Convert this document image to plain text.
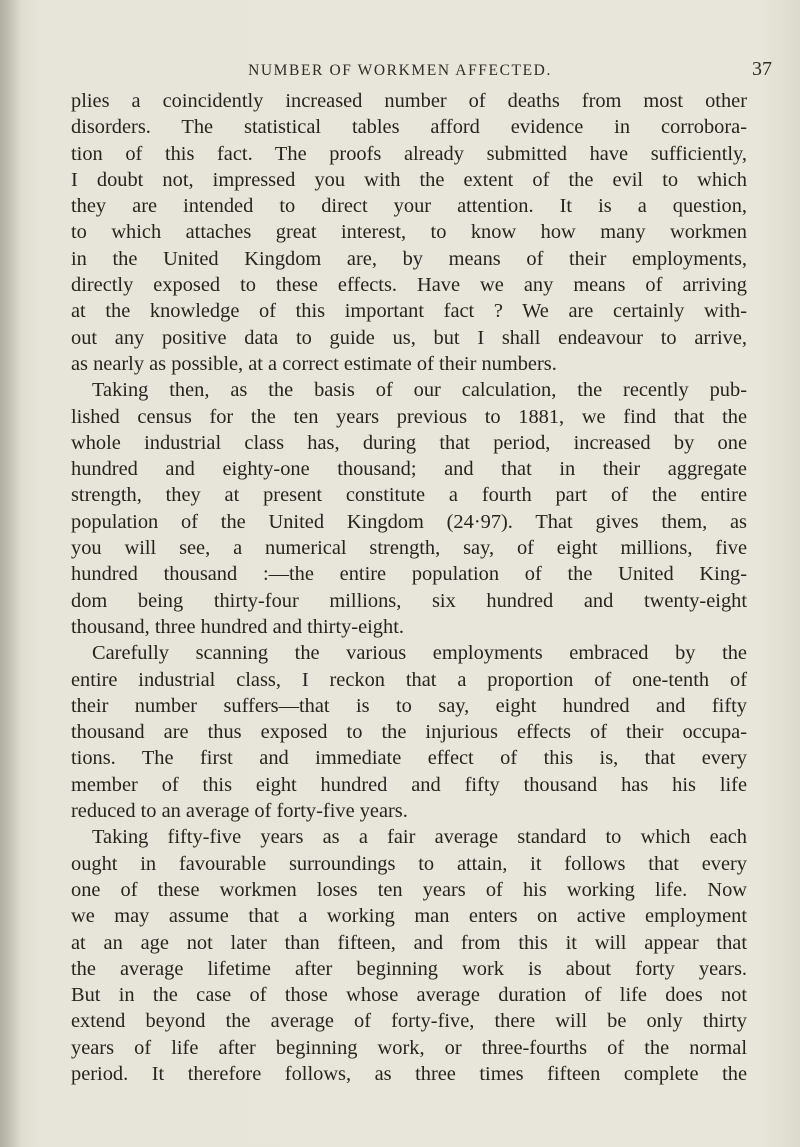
NUMBER OF WORKMEN AFFECTED.	37
plies a coincidently increased number of deaths from most other
disorders. The statistical tables afford evidence in corrobora-
tion of this fact. The proofs already submitted have sufficiently,
I doubt not, impressed you with the extent of the evil to which
they are intended to direct your attention. It is a question,
to which attaches great interest, to know how many workmen
in the United Kingdom are, by means of their employments,
directly exposed to these effects. Have we any means of arriving
at the knowledge of this important fact ? We are certainly with-
out any positive data to guide us, but I shall endeavour to arrive,
as nearly as possible, at a correct estimate of their numbers.
Taking then, as the basis of our calculation, the recently pub-
lished census for the ten years previous to 1881, we find that the
whole industrial class has, during that period, increased by one
hundred and eighty-one thousand; and that in their aggregate
strength, they at present constitute a fourth part of the entire
population of the United Kingdom (24·97). That gives them, as
you will see, a numerical strength, say, of eight millions, five
hundred thousand :—the entire population of the United King-
dom being thirty-four millions, six hundred and twenty-eight
thousand, three hundred and thirty-eight.
Carefully scanning the various employments embraced by the
entire industrial class, I reckon that a proportion of one-tenth of
their number suffers—that is to say, eight hundred and fifty
thousand are thus exposed to the injurious effects of their occupa-
tions. The first and immediate effect of this is, that every
member of this eight hundred and fifty thousand has his life
reduced to an average of forty-five years.
Taking fifty-five years as a fair average standard to which each
ought in favourable surroundings to attain, it follows that every
one of these workmen loses ten years of his working life. Now
we may assume that a working man enters on active employment
at an age not later than fifteen, and from this it will appear that
the average lifetime after beginning work is about forty years.
But in the case of those whose average duration of life does not
extend beyond the average of forty-five, there will be only thirty
years of life after beginning work, or three-fourths of the normal
period. It therefore follows, as three times fifteen complete the
